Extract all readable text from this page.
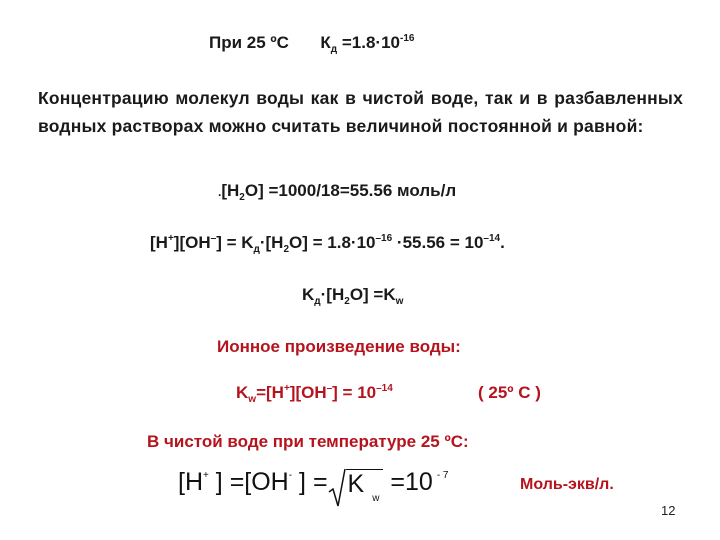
При 25 ºС $К_д =1.8\cdot 10^{-16}$
Концентрацию молекул воды как в чистой воде, так и в разбавленных водных растворах можно считать величиной постоянной и равной:
$.[H_2O] =1000/18=55.56$ моль/л
$[H^+][OH^-] = K_д\cdot[H_2O] = 1.8\cdot 10^{-16} \cdot 55.56 = 10^{-14}$.
$K_д\cdot[H_2O] =K_w$
Ионное произведение воды:
$K_w=[H^+][OH^-] = 10^{-14}$	( 25º С )
В чистой воде при температуре 25 ºС:
[H + ] =[OH - ] = $K_w$
=10 - 7
Моль-экв/л.
12
